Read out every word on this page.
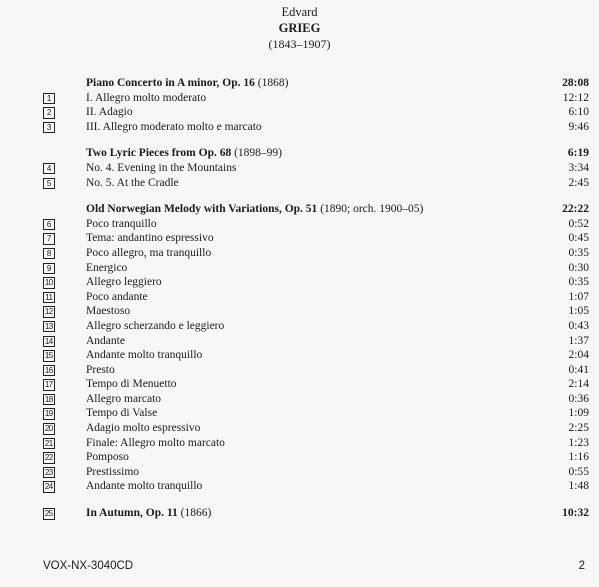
Edvard
GRIEG
(1843–1907)
Piano Concerto in A minor, Op. 16 (1868)	28:08
1	I. Allegro molto moderato	12:12
2	II. Adagio	6:10
3	III. Allegro moderato molto e marcato	9:46
Two Lyric Pieces from Op. 68 (1898–99)	6:19
4	No. 4. Evening in the Mountains	3:34
5	No. 5. At the Cradle	2:45
Old Norwegian Melody with Variations, Op. 51 (1890; orch. 1900–05)	22:22
6	Poco tranquillo	0:52
7	Tema: andantino espressivo	0:45
8	Poco allegro, ma tranquillo	0:35
9	Energico	0:30
10	Allegro leggiero	0:35
11	Poco andante	1:07
12	Maestoso	1:05
13	Allegro scherzando e leggiero	0:43
14	Andante	1:37
15	Andante molto tranquillo	2:04
16	Presto	0:41
17	Tempo di Menuetto	2:14
18	Allegro marcato	0:36
19	Tempo di Valse	1:09
20	Adagio molto espressivo	2:25
21	Finale: Allegro molto marcato	1:23
22	Pomposo	1:16
23	Prestissimo	0:55
24	Andante molto tranquillo	1:48
25	In Autumn, Op. 11 (1866)	10:32
VOX-NX-3040CD	2
